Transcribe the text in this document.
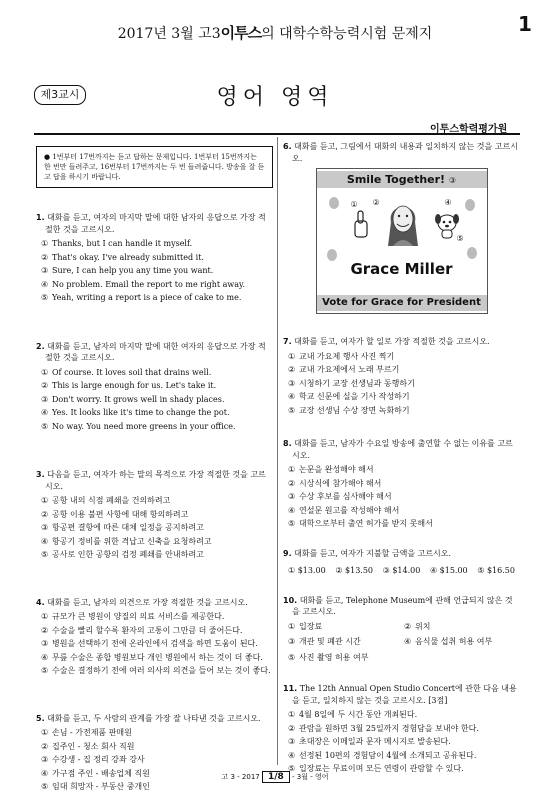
1
2017년 3월 고3이투스의 대학수학능력시험 문제지
제3교시	영어 영역
이투스학력평가원
● 1번부터 17번까지는 듣고 답하는 문제입니다. 1번부터 15번까지는 한 번만 들려주고, 16번부터 17번까지는 두 번 들려줍니다. 방송을 잘 듣고 답을 하시기 바랍니다.
1. 대화를 듣고, 여자의 마지막 말에 대한 남자의 응답으로 가장 적절한 것을 고르시오.
① Thanks, but I can handle it myself.
② That's okay. I've already submitted it.
③ Sure, I can help you any time you want.
④ No problem. Email the report to me right away.
⑤ Yeah, writing a report is a piece of cake to me.
2. 대화를 듣고, 남자의 마지막 말에 대한 여자의 응답으로 가장 적절한 것을 고르시오.
① Of course. It loves soil that drains well.
② This is large enough for us. Let's take it.
③ Don't worry. It grows well in shady places.
④ Yes. It looks like it's time to change the pot.
⑤ No way. You need more greens in your office.
3. 다음을 듣고, 여자가 하는 말의 목적으로 가장 적절한 것을 고르시오.
① 공항 내의 식점 폐쇄을 건의하려고
② 공항 이용 불편 사항에 대해 항의하려고
③ 항공편 결항에 따른 대체 일정을 공지하려고
④ 항공기 정비를 위한 격납고 신축을 요청하려고
⑤ 공사로 인한 공항의 검정 폐쇄를 안내하려고
4. 대화를 듣고, 남자의 의견으로 가장 적절한 것을 고르시오.
① 규모가 큰 병원이 양질의 의료 서비스를 제공한다.
② 수술을 빨리 할수록 환자의 고통이 그만큼 더 줄어든다.
③ 병원을 선택하기 전에 온라인에서 검색을 하면 도움이 된다.
④ 무릎 수술은 종합 병원보다 개인 병원에서 하는 것이 더 좋다.
⑤ 수술은 결정하기 전에 여러 의사의 의견을 들어 보는 것이 좋다.
5. 대화를 듣고, 두 사람의 관계를 가장 잘 나타낸 것을 고르시오.
① 손님 - 가전제품 판매원
② 집주인 - 청소 회사 직원
③ 수강생 - 집 정리 강좌 강사
④ 가구점 주인 - 배송업체 직원
⑤ 임대 희망자 - 부동산 중개인
6. 대화를 듣고, 그림에서 대화의 내용과 일치하지 않는 것을 고르시오.
Smile Together! ③
① ②	④
⑤
Grace Miller
Vote for Grace for President
7. 대화를 듣고, 여자가 할 일로 가장 적절한 것을 고르시오.
① 교내 가요제 행사 사진 찍기
② 교내 가요제에서 노래 부르기
③ 시청하기 교장 선생님과 동행하기
④ 학교 신문에 실을 기사 작성하기
⑤ 교장 선생님 수상 장면 녹화하기
8. 대화를 듣고, 남자가 수요일 방송에 출연할 수 없는 이유를 고르시오.
① 논문을 완성해야 해서
② 시상식에 참가해야 해서
③ 수상 후보를 심사해야 해서
④ 연설문 원고를 작성해야 해서
⑤ 대학으로부터 출연 허가를 받지 못해서
9. 대화를 듣고, 여자가 지불할 금액을 고르시오.
① $13.00 ② $13.50 ③ $14.00 ④ $15.00 ⑤ $16.50
10. 대화를 듣고, Telephone Museum에 관해 언급되지 않은 것을 고르시오.
① 입장료	② 위치
③ 개관 및 폐관 시간	④ 음식물 섭취 허용 여부
⑤ 사진 촬영 허용 여부
11. The 12th Annual Open Studio Concert에 관한 다음 내용을 듣고, 일치하지 않는 것을 고르시오. [3점]
① 4월 8일에 두 시간 동안 개최된다.
② 관람을 원하면 3월 25일까지 경험담을 보내야 한다.
③ 초대장은 이메일과 문자 메시지로 발송된다.
④ 선정된 10편의 경험담이 4월에 소개되고 공유된다.
⑤ 입장료는 무료이며 모든 연령이 관람할 수 있다.
고 3 - 2017 1/8 - 3월 - 영어
